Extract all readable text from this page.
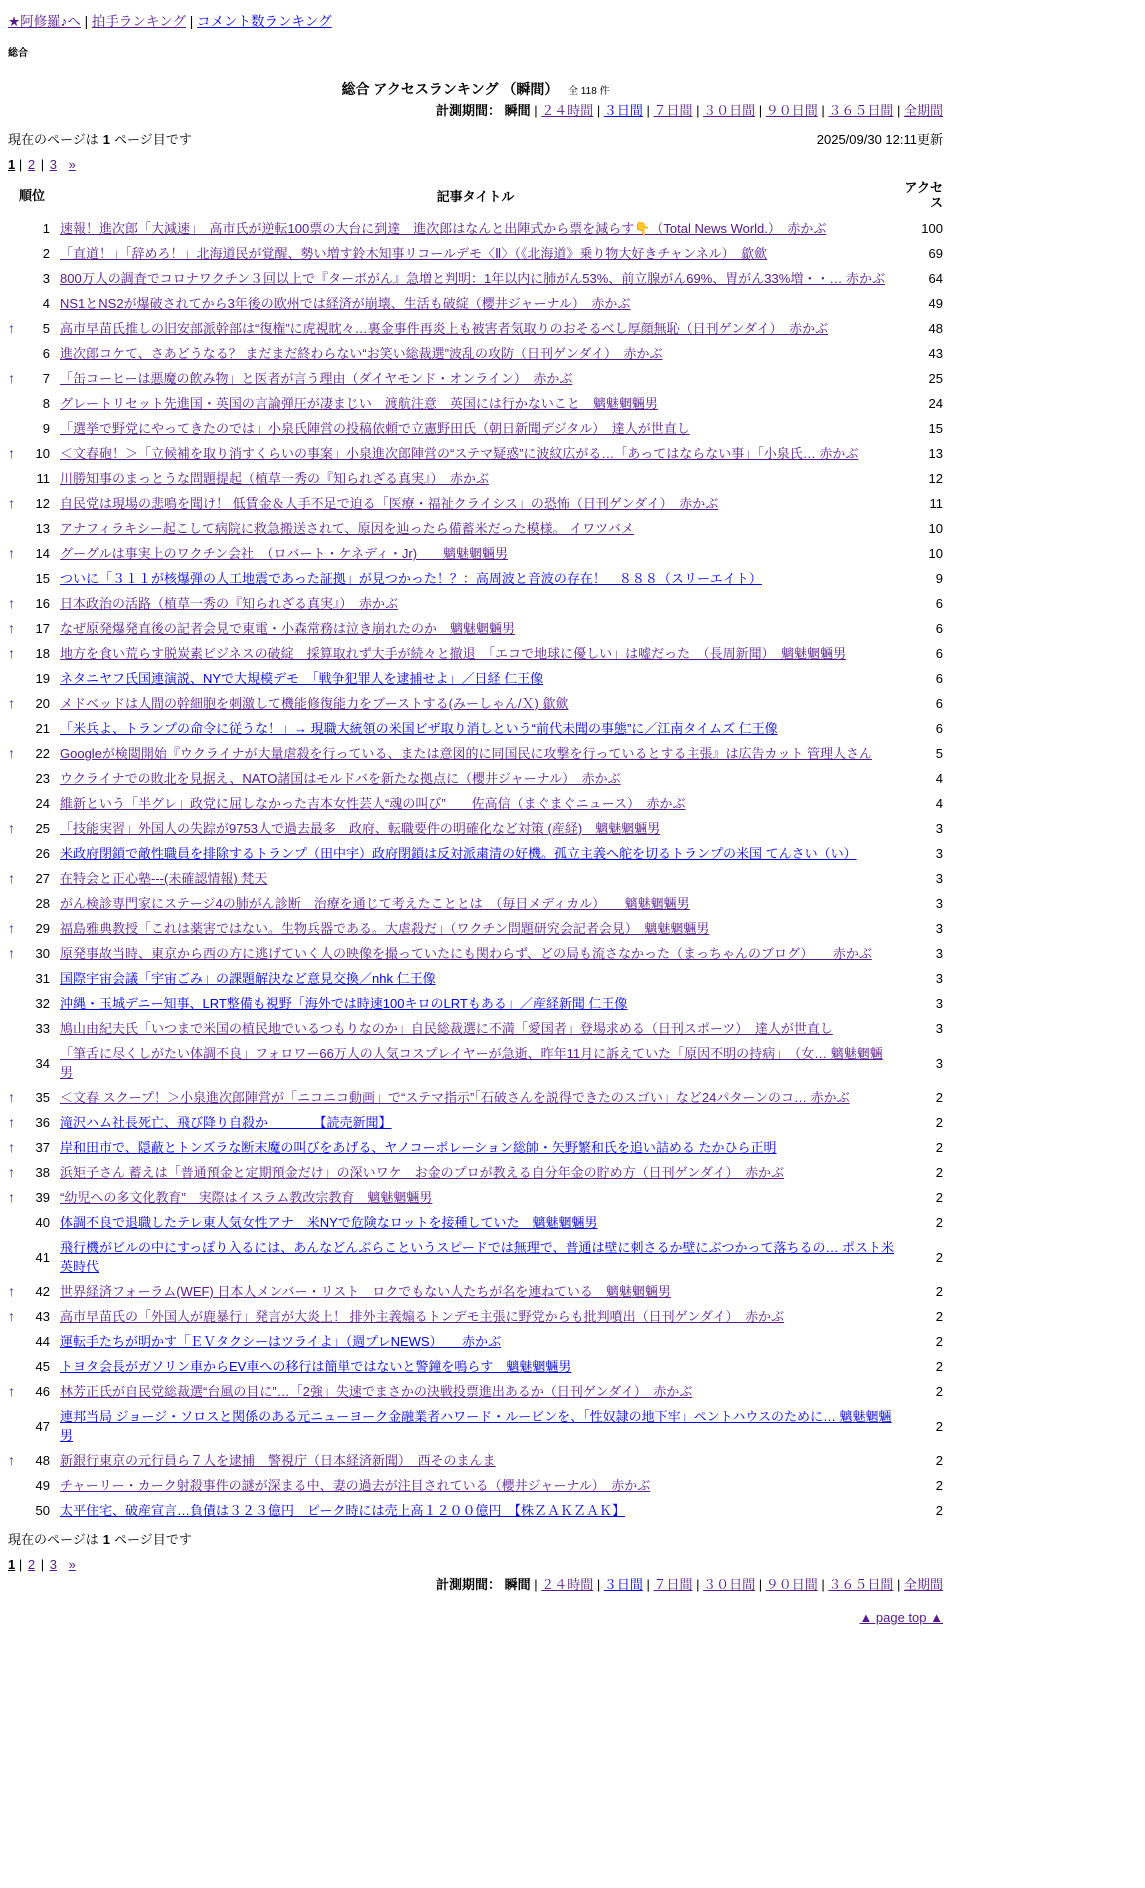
★阿修羅♪へ | 拍手ランキング | コメント数ランキング
総合
総合 アクセスランキング （瞬間） 全 118 件
計測期間： 瞬間 | ２４時間 | ３日間 | ７日間 | ３０日間 | ９０日間 | ３６５日間 | 全期間
現在のページは 1 ページ目です	2025/09/30 12:11更新
1 | 2 | 3 »
順位		記事タイトル	アクセス
	1	速報！進次郎「大減速」　高市氏が逆転100票の大台に到達　進次郎はなんと出陣式から票を減らす👇（Total News World.）　赤かぶ	100
	2	「直道！」「辞めろ！」北海道民が覚醒、勢い増す鈴木知事リコールデモ〈Ⅱ〉（《北海道》乗り物大好きチャンネル）　歙歛	69
	3	800万人の調査でコロナワクチン３回以上で『ターボがん』急増と判明：1年以内に肺がん53%、前立腺がん69%、胃がん33%増・・… 赤かぶ	64
	4	NS1とNS2が爆破されてから3年後の欧州では経済が崩壊、生活も破綻（櫻井ジャーナル）　赤かぶ	49
↑	5	高市早苗氏推しの旧安部派幹部は“復権”に虎視眈々…裏金事件再炎上も被害者気取りのおそるべし厚顔無恥（日刊ゲンダイ）　赤かぶ	48
	6	進次郎コケて、さあどうなる？ まだまだ終わらない“お笑い総裁選”波乱の攻防（日刊ゲンダイ）　赤かぶ	43
↑	7	「缶コーヒーは悪魔の飲み物」と医者が言う理由（ダイヤモンド・オンライン）　赤かぶ	25
	8	グレートリセット先進国・英国の言論弾圧が凄まじい　渡航注意　英国には行かないこと　魑魅魍魎男	24
	9	「選挙で野党にやってきたのでは」小泉氏陣営の投稿依頼で立憲野田氏（朝日新聞デジタル）　達人が世直し	15
↑	10	＜文春砲！＞「立候補を取り消すくらいの事案」小泉進次郎陣営の“ステマ疑惑”に波紋広がる…「あってはならない事」「小泉氏… 赤かぶ	13
	11	川勝知事のまっとうな問題提起（植草一秀の『知られざる真実』）　赤かぶ	12
↑	12	自民党は現場の悲鳴を聞け！ 低賃金＆人手不足で迫る「医療・福祉クライシス」の恐怖（日刊ゲンダイ）　赤かぶ	11
	13	アナフィラキシー起こして病院に救急搬送されて、原因を辿ったら備蓄米だった模様。 イワツバメ	10
↑	14	グーグルは事実上のワクチン会社　（ロバート・ケネディ・Jr)　　魑魅魍魎男	10
	15	ついに「３１１が核爆弾の人工地震であった証拠」が見つかった！？：高周波と音波の存在！　８８８（スリーエイト）	9
↑	16	日本政治の活路（植草一秀の『知られざる真実』）　赤かぶ	6
↑	17	なぜ原発爆発直後の記者会見で東電・小森常務は泣き崩れたのか　魑魅魍魎男	6
↑	18	地方を食い荒らす脱炭素ビジネスの破綻　採算取れず大手が続々と撤退　「エコで地球に優しい」は嘘だった　（長周新聞）　魑魅魍魎男	6
	19	ネタニヤフ氏国連演説、NYで大規模デモ　「戦争犯罪人を逮捕せよ」／日経 仁王像	6
↑	20	メドベッドは人間の幹細胞を刺激して機能修復能力をブーストする(みーしゃん/Ｘ) 歙歛	6
	21	「米兵よ、トランプの命令に従うな！」→ 現職大統領の米国ビザ取り消しという“前代未聞の事態”に／江南タイムズ 仁王像	6
↑	22	Googleが検閲開始『ウクライナが大量虐殺を行っている、または意図的に同国民に攻撃を行っているとする主張』は広告カット 管理人さん	5
	23	ウクライナでの敗北を見据え、NATO諸国はモルドバを新たな拠点に（櫻井ジャーナル）　赤かぶ	4
	24	維新という「半グレ」政党に屈しなかった吉本女性芸人“魂の叫び”　　佐高信（まぐまぐニュース）　赤かぶ	4
↑	25	「技能実習」外国人の失踪が9753人で過去最多　政府、転職要件の明確化など対策 (産経)　魑魅魍魎男	3
	26	米政府閉鎖で敵性職員を排除するトランプ（田中宇）政府閉鎖は反対派粛清の好機。孤立主義へ舵を切るトランプの米国 てんさい（い）	3
↑	27	在特会と正心塾---(未確認情報) 梵天	3
	28	がん検診専門家にステージ4の肺がん診断　治療を通じて考えたこととは　（毎日メディカル）　　魑魅魍魎男	3
↑	29	福島雅典教授「これは薬害ではない。生物兵器である。大虐殺だ」（ワクチン問題研究会記者会見）　魑魅魍魎男	3
↑	30	原発事故当時、東京から西の方に逃げていく人の映像を撮っていたにも関わらず、どの局も流さなかった（まっちゃんのブログ）　　赤かぶ	3
	31	国際宇宙会議「宇宙ごみ」の課題解決など意見交換／nhk 仁王像	3
	32	沖縄・玉城デニー知事、LRT整備も視野「海外では時速100キロのLRTもある」／産経新聞 仁王像	3
	33	鳩山由紀夫氏「いつまで米国の植民地でいるつもりなのか」自民総裁選に不満「愛国者」登場求める（日刊スポーツ）　達人が世直し	3
	34	「筆舌に尽くしがたい体調不良」フォロワー66万人の人気コスプレイヤーが急逝、昨年11月に訴えていた「原因不明の持病」　（女… 魑魅魍魎男	3
↑	35	＜文春 スクープ！＞小泉進次郎陣営が「ニコニコ動画」で“ステマ指示”「石破さんを説得できたのスゴい」など24パターンのコ… 赤かぶ	2
↑	36	滝沢ハム社長死亡、飛び降り自殺か　　　　【読売新聞】	2
↑	37	岸和田市で、隠蔽とトンズラな断末魔の叫びをあげる、ヤノコーポレーション総帥・矢野繁和氏を追い詰める たかひら正明	2
↑	38	浜矩子さん 蓄えは「普通預金と定期預金だけ」の深いワケ　お金のプロが教える自分年金の貯め方（日刊ゲンダイ）　赤かぶ	2
↑	39	“幼児への多文化教育”　実際はイスラム教改宗教育　魑魅魍魎男	2
	40	体調不良で退職したテレ東人気女性アナ　米NYで危険なロットを接種していた　魑魅魍魎男	2
	41	飛行機がビルの中にすっぽり入るには、あんなどんぶらこというスピードでは無理で、普通は壁に刺さるか壁にぶつかって落ちるの… ポスト米英時代	2
↑	42	世界経済フォーラム(WEF) 日本人メンバー・リスト　ロクでもない人たちが名を連ねている　魑魅魍魎男	2
↑	43	高市早苗氏の「外国人が鹿暴行」発言が大炎上！ 排外主義煽るトンデモ主張に野党からも批判噴出（日刊ゲンダイ）　赤かぶ	2
	44	運転手たちが明かす「ＥＶタクシーはツライよ」（週プレNEWS）　　赤かぶ	2
	45	トヨタ会長がガソリン車からEV車への移行は簡単ではないと警鐘を鳴らす　魑魅魍魎男	2
↑	46	林芳正氏が自民党総裁選“台風の目に”…「2強」失速でまさかの決戦投票進出あるか（日刊ゲンダイ）　赤かぶ	2
	47	連邦当局 ジョージ・ソロスと関係のある元ニューヨーク金融業者ハワード・ルービンを、「性奴隷の地下牢」ペントハウスのために… 魑魅魍魎男	2
↑	48	新銀行東京の元行員ら７人を逮捕　警視庁（日本経済新聞）　西そのまんま	2
	49	チャーリー・カーク射殺事件の謎が深まる中、妻の過去が注目されている（櫻井ジャーナル）　赤かぶ	2
	50	太平住宅、破産宣言…負債は３２３億円　ピーク時には売上高１２００億円　【株ＺＡＫＺＡＫ】	2
現在のページは 1 ページ目です
1 | 2 | 3 »
計測期間： 瞬間 | ２４時間 | ３日間 | ７日間 | ３０日間 | ９０日間 | ３６５日間 | 全期間
▲ page top ▲
